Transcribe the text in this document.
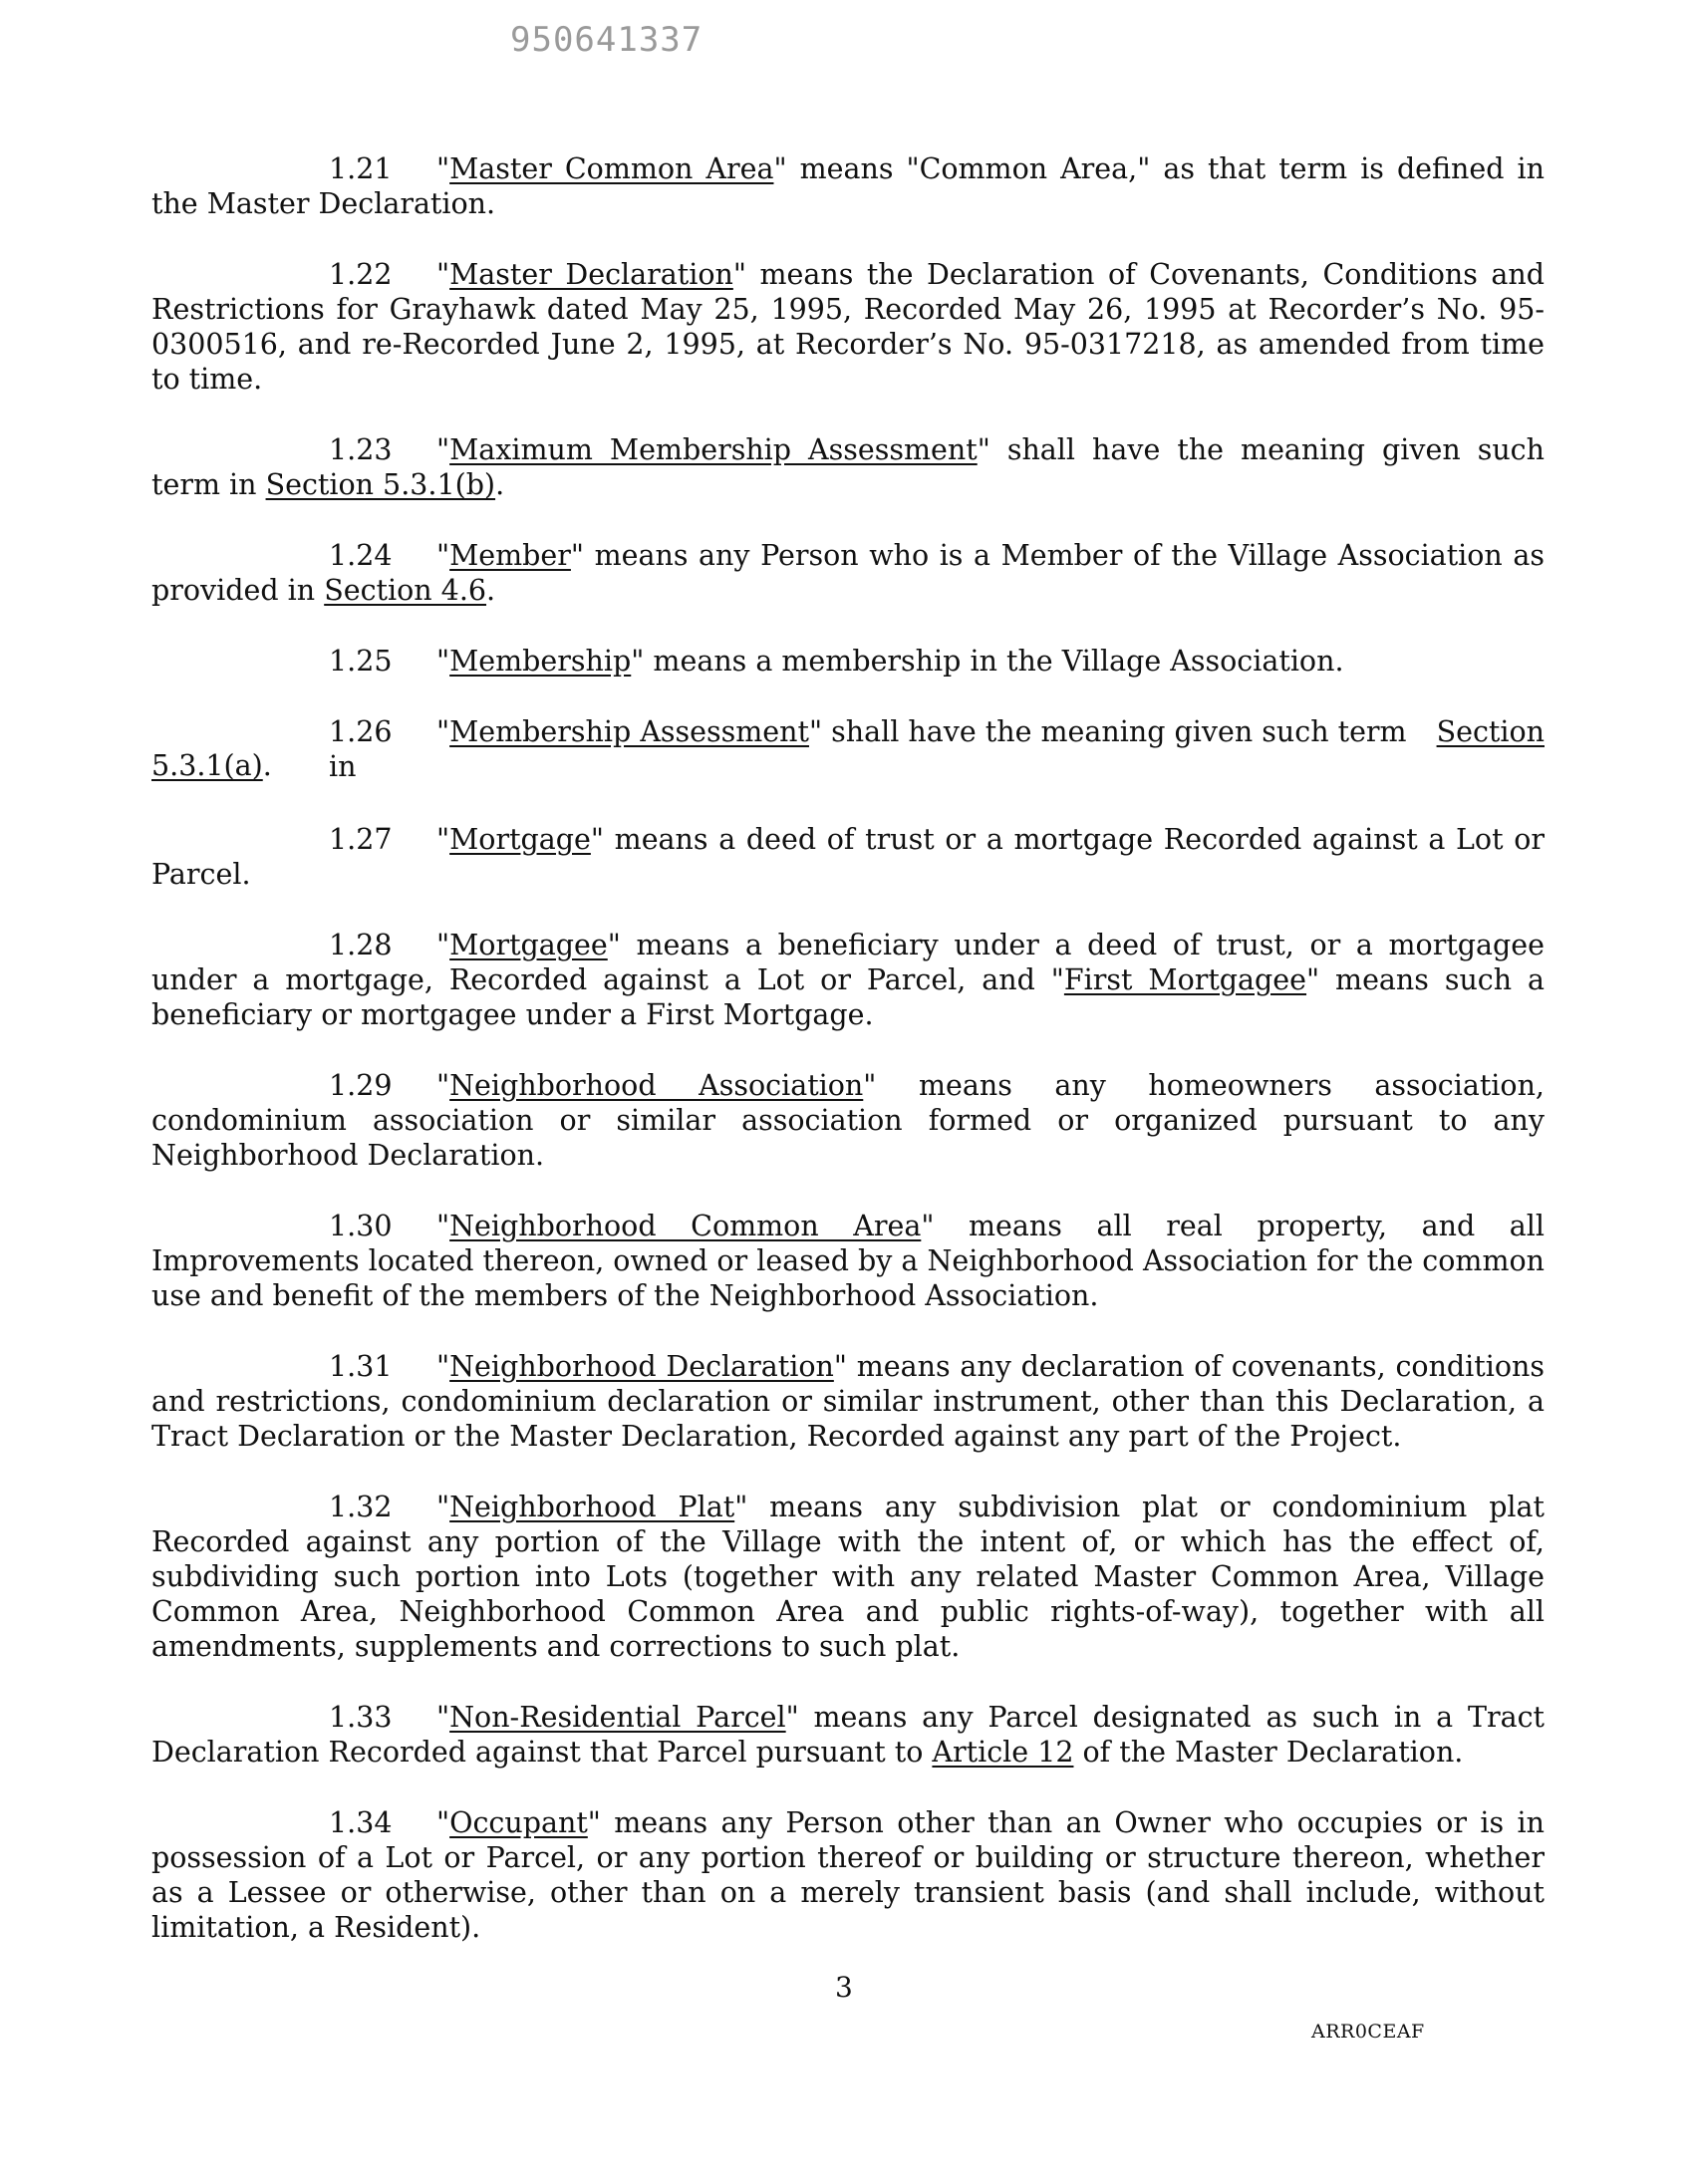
950641337

1.21 "Master Common Area" means "Common Area," as that term is defined in the Master Declaration.

1.22 "Master Declaration" means the Declaration of Covenants, Conditions and Restrictions for Grayhawk dated May 25, 1995, Recorded May 26, 1995 at Recorder’s No. 95-0300516, and re-Recorded June 2, 1995, at Recorder’s No. 95-0317218, as amended from time to time.

1.23 "Maximum Membership Assessment" shall have the meaning given such term in Section 5.3.1(b).

1.24 "Member" means any Person who is a Member of the Village Association as provided in Section 4.6.

1.25 "Membership" means a membership in the Village Association.

1.26 "Membership Assessment" shall have the meaning given such term in
Section
5.3.1(a).

1.27 "Mortgage" means a deed of trust or a mortgage Recorded against a Lot or Parcel.

1.28 "Mortgagee" means a beneficiary under a deed of trust, or a mortgagee under a mortgage, Recorded against a Lot or Parcel, and "First Mortgagee" means such a beneficiary or mortgagee under a First Mortgage.

1.29 "Neighborhood Association" means any homeowners association, condominium association or similar association formed or organized pursuant to any Neighborhood Declaration.

1.30 "Neighborhood Common Area" means all real property, and all Improvements located thereon, owned or leased by a Neighborhood Association for the common use and benefit of the members of the Neighborhood Association.

1.31 "Neighborhood Declaration" means any declaration of covenants, conditions and restrictions, condominium declaration or similar instrument, other than this Declaration, a Tract Declaration or the Master Declaration, Recorded against any part of the Project.

1.32 "Neighborhood Plat" means any subdivision plat or condominium plat Recorded against any portion of the Village with the intent of, or which has the effect of, subdividing such portion into Lots (together with any related Master Common Area, Village Common Area, Neighborhood Common Area and public rights-of-way), together with all amendments, supplements and corrections to such plat.

1.33 "Non-Residential Parcel" means any Parcel designated as such in a Tract Declaration Recorded against that Parcel pursuant to Article 12 of the Master Declaration.

1.34 "Occupant" means any Person other than an Owner who occupies or is in possession of a Lot or Parcel, or any portion thereof or building or structure thereon, whether as a Lessee or otherwise, other than on a merely transient basis (and shall include, without limitation, a Resident).

3
ARR0CEAF
